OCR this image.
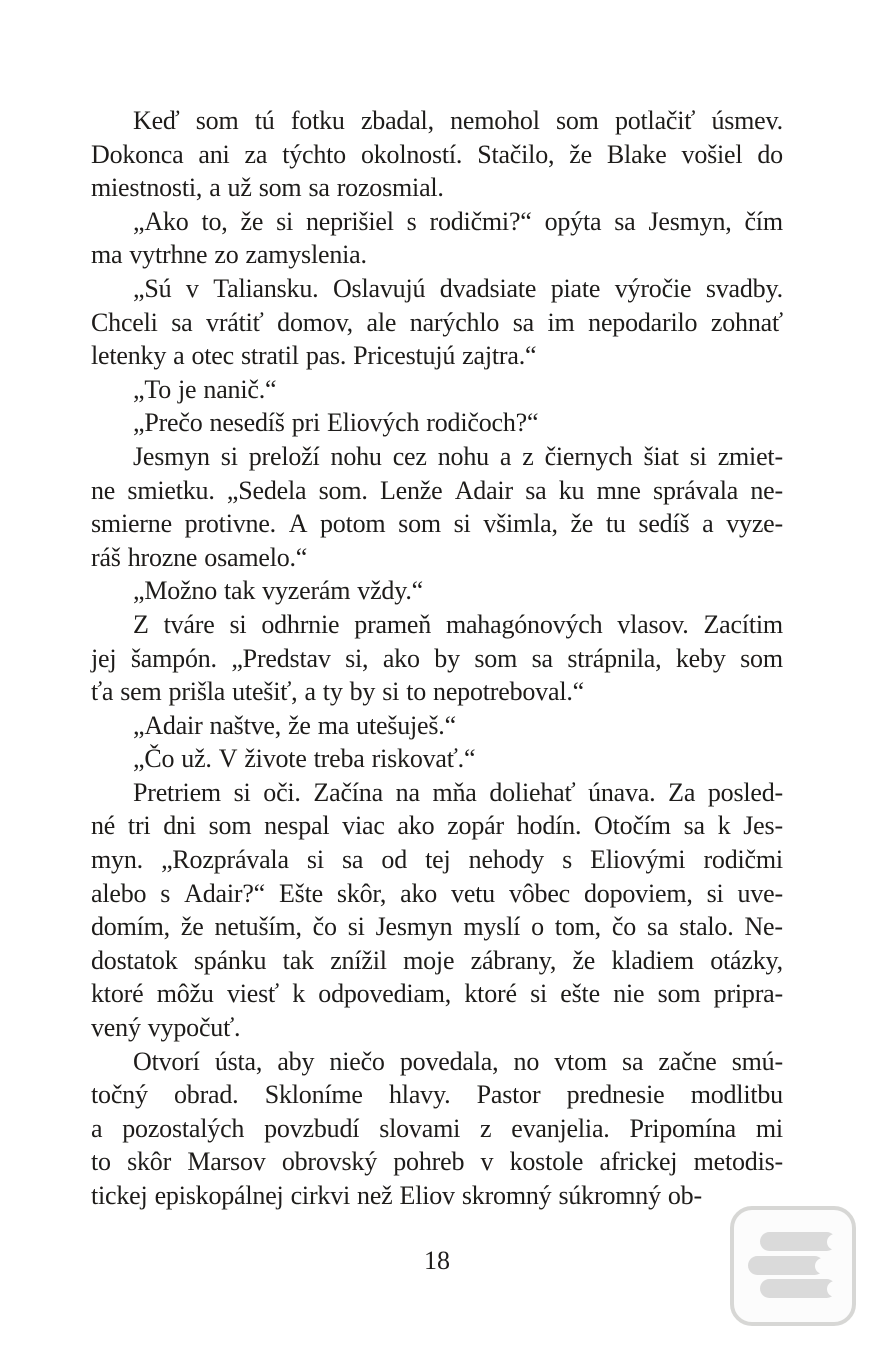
Keď som tú fotku zbadal, nemohol som potlačiť úsmev.
Dokonca ani za týchto okolností. Stačilo, že Blake vošiel do
miestnosti, a už som sa rozosmial.
„Ako to, že si neprišiel s rodičmi?“ opýta sa Jesmyn, čím
ma vytrhne zo zamyslenia.
„Sú v Taliansku. Oslavujú dvadsiate piate výročie svadby.
Chceli sa vrátiť domov, ale narýchlo sa im nepodarilo zohnať
letenky a otec stratil pas. Pricestujú zajtra.“
„To je nanič.“
„Prečo nesedíš pri Eliových rodičoch?“
Jesmyn si preloží nohu cez nohu a z čiernych šiat si zmiet-
ne smietku. „Sedela som. Lenže Adair sa ku mne správala ne-
smierne protivne. A potom som si všimla, že tu sedíš a vyze-
ráš hrozne osamelo.“
„Možno tak vyzerám vždy.“
Z tváre si odhrnie prameň mahagónových vlasov. Zacítim
jej šampón. „Predstav si, ako by som sa strápnila, keby som
ťa sem prišla utešiť, a ty by si to nepotreboval.“
„Adair naštve, že ma utešuješ.“
„Čo už. V živote treba riskovať.“
Pretriem si oči. Začína na mňa doliehať únava. Za posled-
né tri dni som nespal viac ako zopár hodín. Otočím sa k Jes-
myn. „Rozprávala si sa od tej nehody s Eliovými rodičmi
alebo s Adair?“ Ešte skôr, ako vetu vôbec dopoviem, si uve-
domím, že netuším, čo si Jesmyn myslí o tom, čo sa stalo. Ne-
dostatok spánku tak znížil moje zábrany, že kladiem otázky,
ktoré môžu viesť k odpovediam, ktoré si ešte nie som pripra-
vený vypočuť.
Otvorí ústa, aby niečo povedala, no vtom sa začne smú-
točný obrad. Skloníme hlavy. Pastor prednesie modlitbu
a pozostalých povzbudí slovami z evanjelia. Pripomína mi
to skôr Marsov obrovský pohreb v kostole africkej metodis-
tickej episkopálnej cirkvi než Eliov skromný súkromný ob-
18
